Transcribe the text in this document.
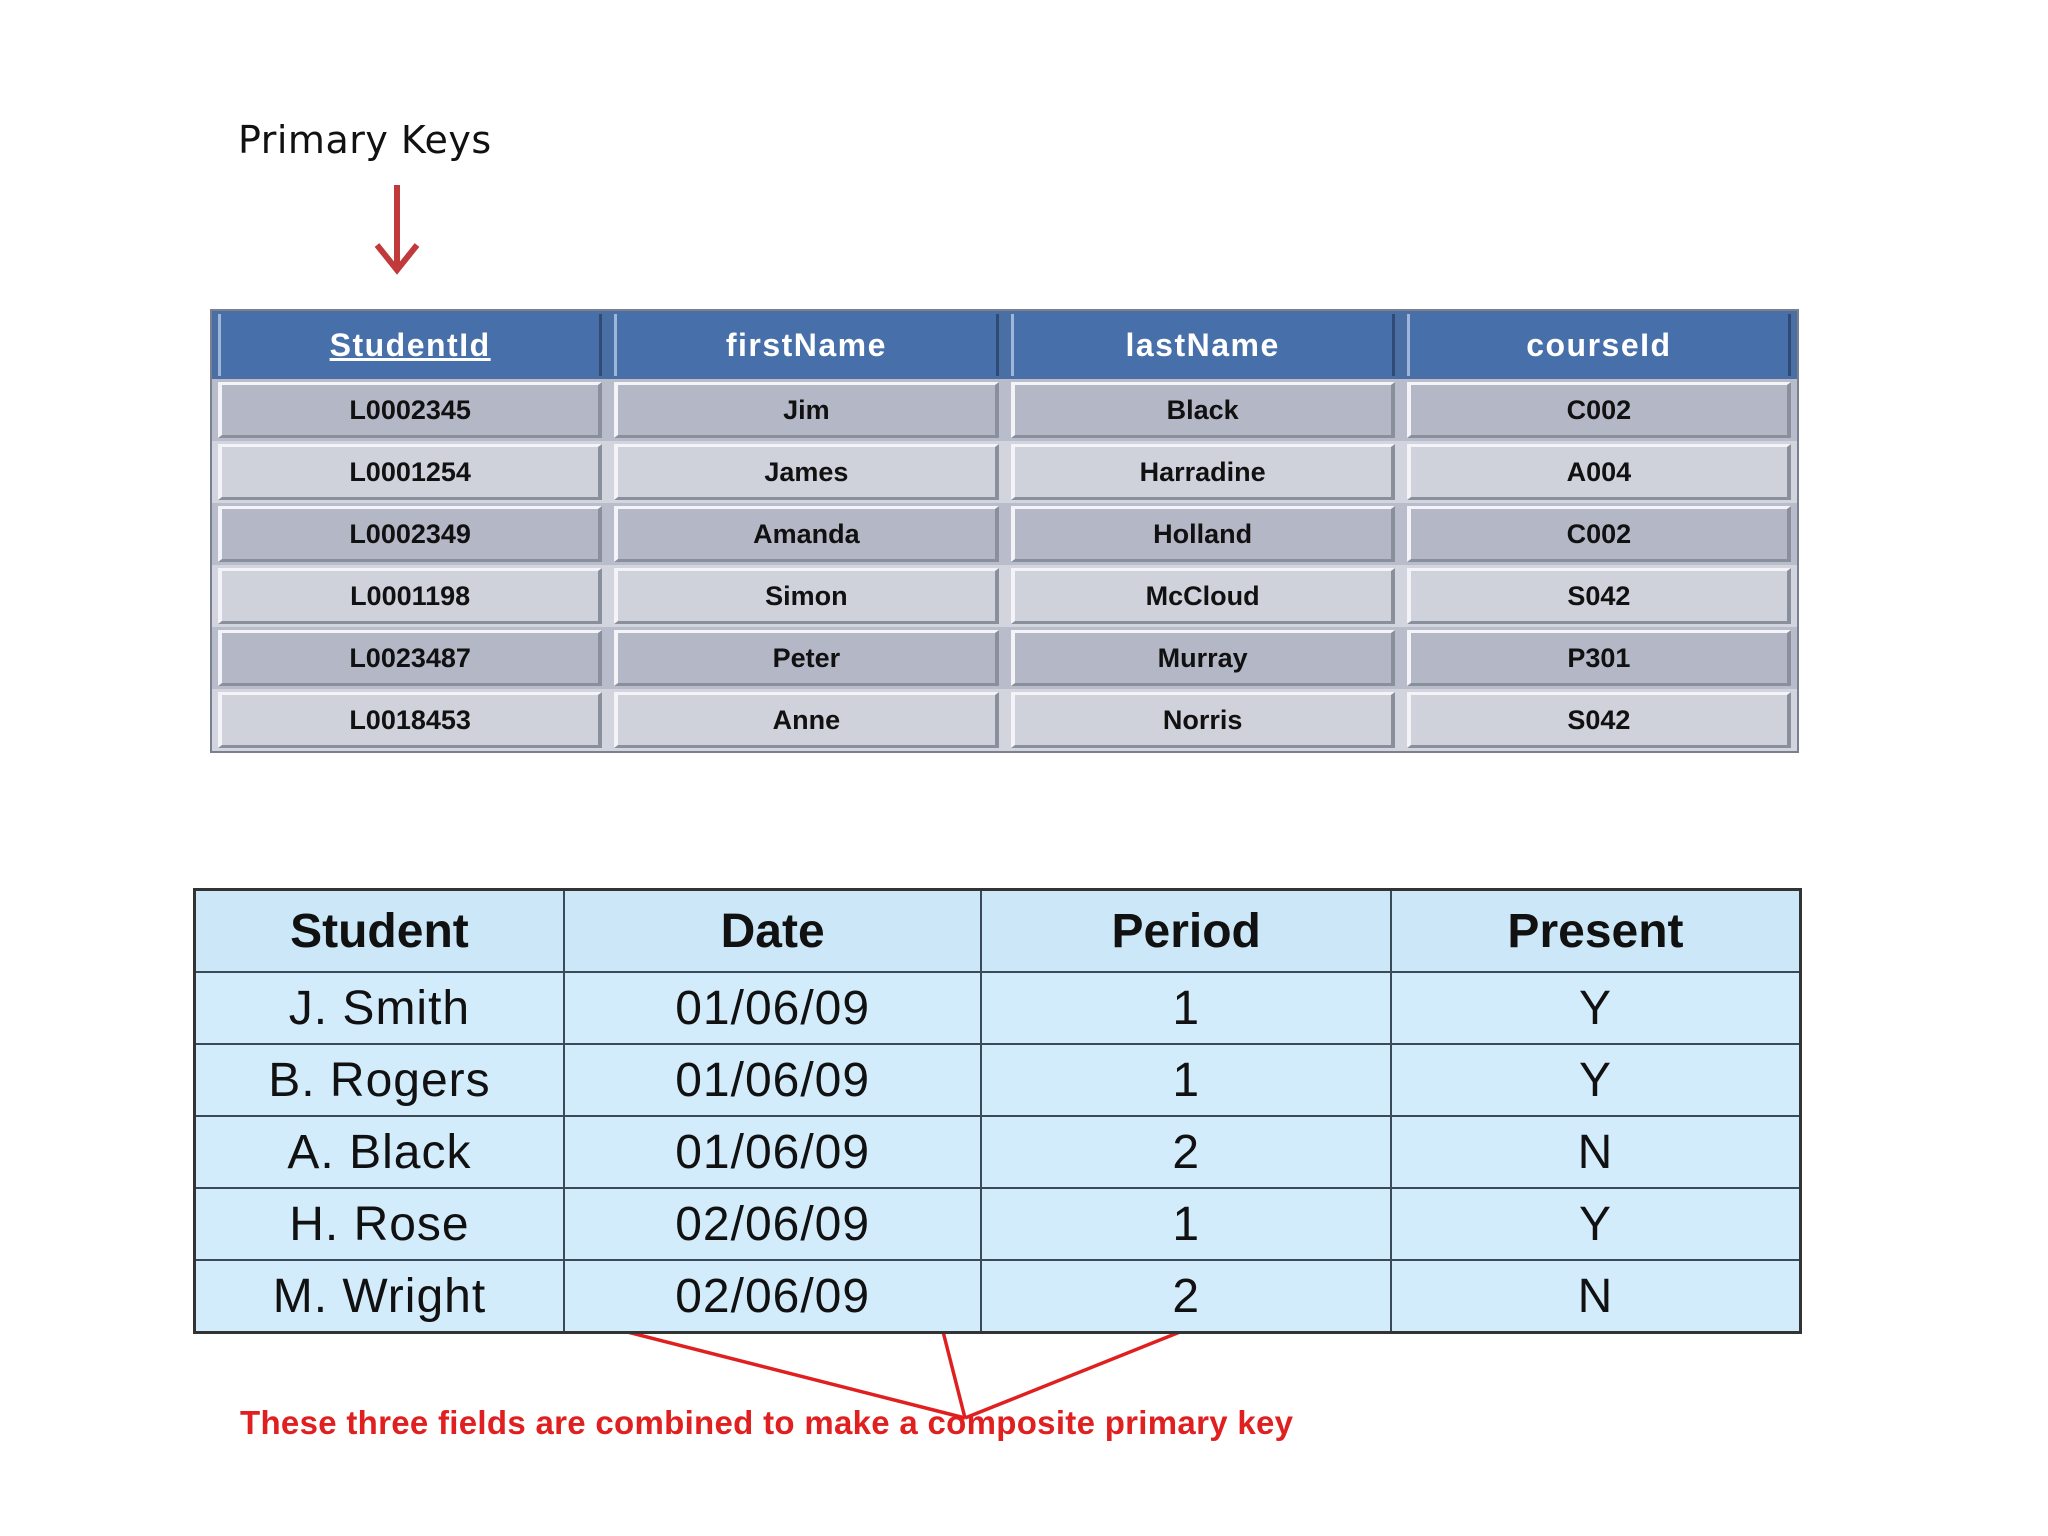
Primary Keys
StudentId	firstName	lastName	courseId

L0002345	Jim	Black	C002

L0001254	James	Harradine	A004

L0002349	Amanda	Holland	C002

L0001198	Simon	McCloud	S042

L0023487	Peter	Murray	P301

L0018453	Anne	Norris	S042
Student	Date	Period	Present
J. Smith	01/06/09	1	Y
B. Rogers	01/06/09	1	Y
A. Black	01/06/09	2	N
H. Rose	02/06/09	1	Y
M. Wright	02/06/09	2	N
These three fields are combined to make a composite primary key
